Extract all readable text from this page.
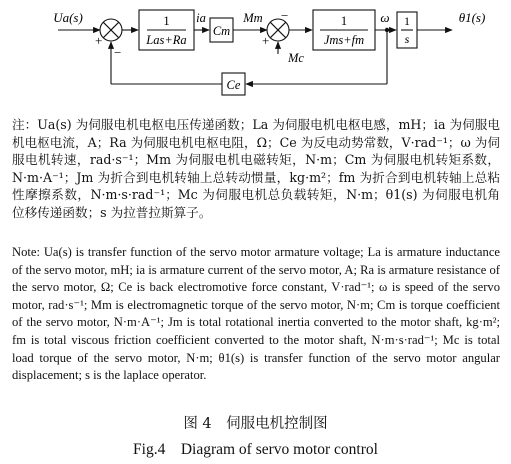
Ua(s)
+
−
1
Las+Ra
ia
Cm
Mm
+
−
Mc
1
Jms+fm
ω 1
s
θ1(s)
Ce
注：Ua(s) 为伺服电机电枢电压传递函数；La 为伺服电机电枢电感，mH；ia 为伺服电机电枢电流，A；Ra 为伺服电机电枢电阻，Ω；Ce 为反电动势常数，V·rad⁻¹；ω 为伺服电机转速，rad·s⁻¹；Mm 为伺服电机电磁转矩，N·m；Cm 为伺服电机转矩系数，N·m·A⁻¹；Jm 为折合到电机转轴上总转动惯量，kg·m²；fm 为折合到电机转轴上总粘性摩擦系数，N·m·s·rad⁻¹；Mc 为伺服电机总负载转矩，N·m；θ1(s) 为伺服电机角位移传递函数；s 为拉普拉斯算子。
Note: Ua(s) is transfer function of the servo motor armature voltage; La is armature inductance of the servo motor, mH; ia is armature current of the servo motor, A; Ra is armature resistance of the servo motor, Ω; Ce is back electromotive force constant, V·rad⁻¹; ω is speed of the servo motor, rad·s⁻¹; Mm is electromagnetic torque of the servo motor, N·m; Cm is torque coefficient of the servo motor, N·m·A⁻¹; Jm is total rotational inertia converted to the motor shaft, kg·m²; fm is total viscous friction coefficient converted to the motor shaft, N·m·s·rad⁻¹; Mc is total load torque of the servo motor, N·m; θ1(s) is transfer function of the servo motor angular displacement; s is the laplace operator.
图 4　伺服电机控制图
Fig.4　Diagram of servo motor control
